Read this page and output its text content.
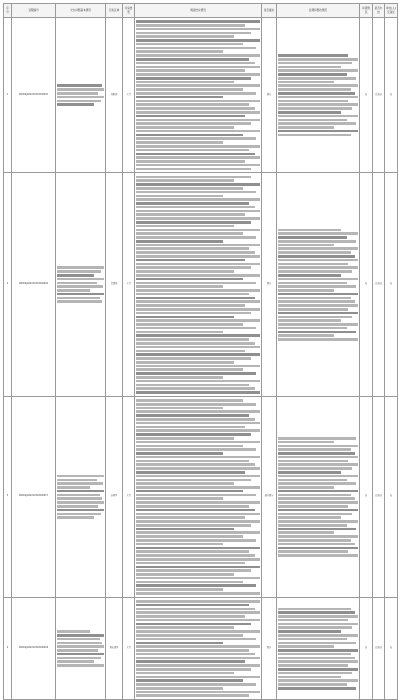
序号	受理编号	交办问题基本情况	行政区域	污染类型	调查核实情况	是否属实	处理和整改情况	问责情况	是否办结	单位(人)及备注
1	D0004JG20210312000015		开阳县	大气		属实		无	已办结	无
2	D0004JG20210312000016		息烽县	大气		属实		无	已办结	无
3	D0004JG20210312000017		南明区	大气		部分属实		无	已办结	无
4	D0004JG20210312000018		观山湖区	大气		属实		无	已办结	无
